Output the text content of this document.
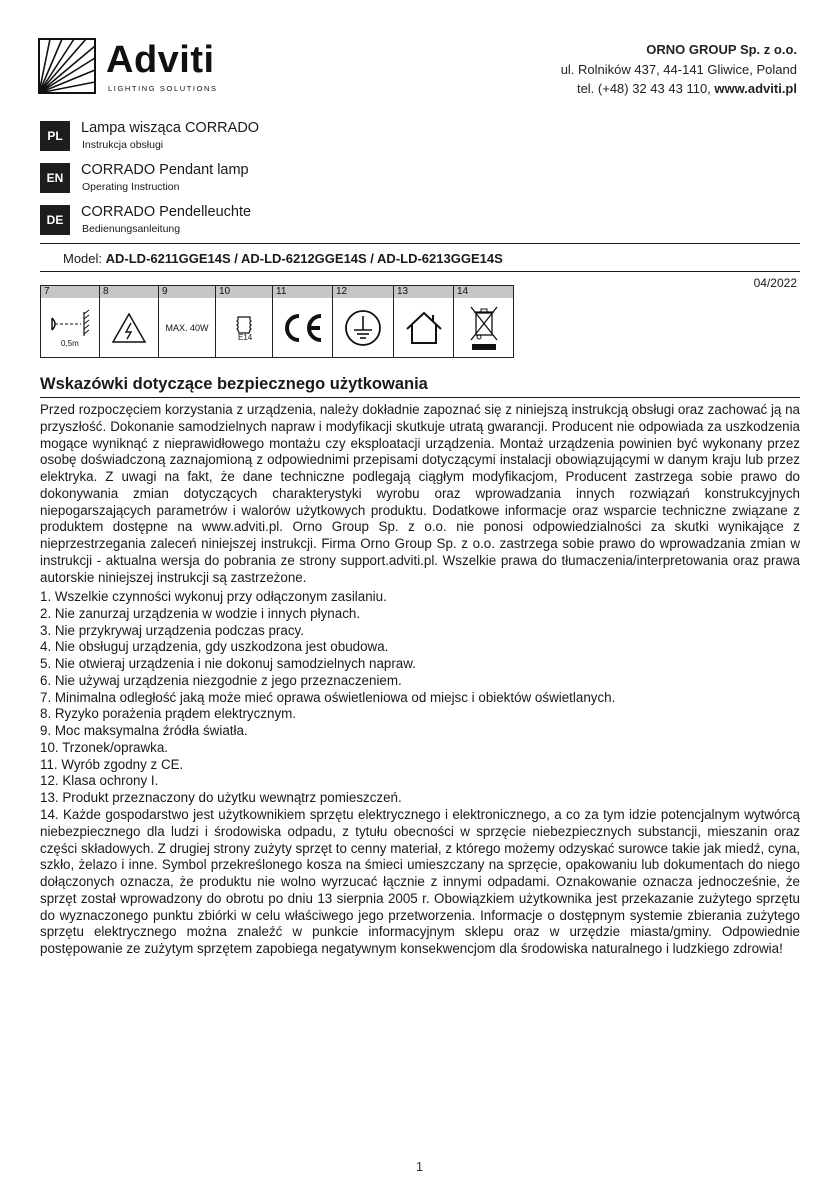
Adviti
LIGHTING SOLUTIONS
ORNO GROUP Sp. z o.o.
ul. Rolników 437, 44-141 Gliwice, Poland
tel. (+48) 32 43 43 110, www.adviti.pl
PL	Lampa wisząca CORRADO
Instrukcja obsługi
EN	CORRADO Pendant lamp
Operating Instruction
DE	CORRADO Pendelleuchte
Bedienungsanleitung
Model: AD-LD-6211GGE14S / AD-LD-6212GGE14S / AD-LD-6213GGE14S
04/2022
7
0,5m
8	9
MAX. 40W
10
E14
11	12	13	14
Wskazówki dotyczące bezpiecznego użytkowania
Przed rozpoczęciem korzystania z urządzenia, należy dokładnie zapoznać się z niniejszą instrukcją obsługi oraz zachować ją na przyszłość. Dokonanie samodzielnych napraw i modyfikacji skutkuje utratą gwarancji. Producent nie odpowiada za uszkodzenia mogące wyniknąć z nieprawidłowego montażu czy eksploatacji urządzenia. Montaż urządzenia powinien być wykonany przez osobę doświadczoną zaznajomioną z odpowiednimi przepisami dotyczącymi instalacji obowiązującymi w danym kraju lub przez elektryka. Z uwagi na fakt, że dane techniczne podlegają ciągłym modyfikacjom, Producent zastrzega sobie prawo do dokonywania zmian dotyczących charakterystyki wyrobu oraz wprowadzania innych rozwiązań konstrukcyjnych niepogarszających parametrów i walorów użytkowych produktu. Dodatkowe informacje oraz wsparcie techniczne związane z produktem dostępne na www.adviti.pl. Orno Group Sp. z o.o. nie ponosi odpowiedzialności za skutki wynikające z nieprzestrzegania zaleceń niniejszej instrukcji. Firma Orno Group Sp. z o.o. zastrzega sobie prawo do wprowadzania zmian w instrukcji - aktualna wersja do pobrania ze strony support.adviti.pl. Wszelkie prawa do tłumaczenia/interpretowania oraz prawa autorskie niniejszej instrukcji są zastrzeżone.
1. Wszelkie czynności wykonuj przy odłączonym zasilaniu.
2. Nie zanurzaj urządzenia w wodzie i innych płynach.
3. Nie przykrywaj urządzenia podczas pracy.
4. Nie obsługuj urządzenia, gdy uszkodzona jest obudowa.
5. Nie otwieraj urządzenia i nie dokonuj samodzielnych napraw.
6. Nie używaj urządzenia niezgodnie z jego przeznaczeniem.
7. Minimalna odległość jaką może mieć oprawa oświetleniowa od miejsc i obiektów oświetlanych.
8. Ryzyko porażenia prądem elektrycznym.
9. Moc maksymalna źródła światła.
10. Trzonek/oprawka.
11. Wyrób zgodny z CE.
12. Klasa ochrony I.
13. Produkt przeznaczony do użytku wewnątrz pomieszczeń.
14. Każde gospodarstwo jest użytkownikiem sprzętu elektrycznego i elektronicznego, a co za tym idzie potencjalnym wytwórcą niebezpiecznego dla ludzi i środowiska odpadu, z tytułu obecności w sprzęcie niebezpiecznych substancji, mieszanin oraz części składowych. Z drugiej strony zużyty sprzęt to cenny materiał, z którego możemy odzyskać surowce takie jak miedź, cyna, szkło, żelazo i inne. Symbol przekreślonego kosza na śmieci umieszczany na sprzęcie, opakowaniu lub dokumentach do niego dołączonych oznacza, że produktu nie wolno wyrzucać łącznie z innymi odpadami. Oznakowanie oznacza jednocześnie, że sprzęt został wprowadzony do obrotu po dniu 13 sierpnia 2005 r. Obowiązkiem użytkownika jest przekazanie zużytego sprzętu do wyznaczonego punktu zbiórki w celu właściwego jego przetworzenia. Informacje o dostępnym systemie zbierania zużytego sprzętu elektrycznego można znaleźć w punkcie informacyjnym sklepu oraz w urzędzie miasta/gminy. Odpowiednie postępowanie ze zużytym sprzętem zapobiega negatywnym konsekwencjom dla środowiska naturalnego i ludzkiego zdrowia!
1
